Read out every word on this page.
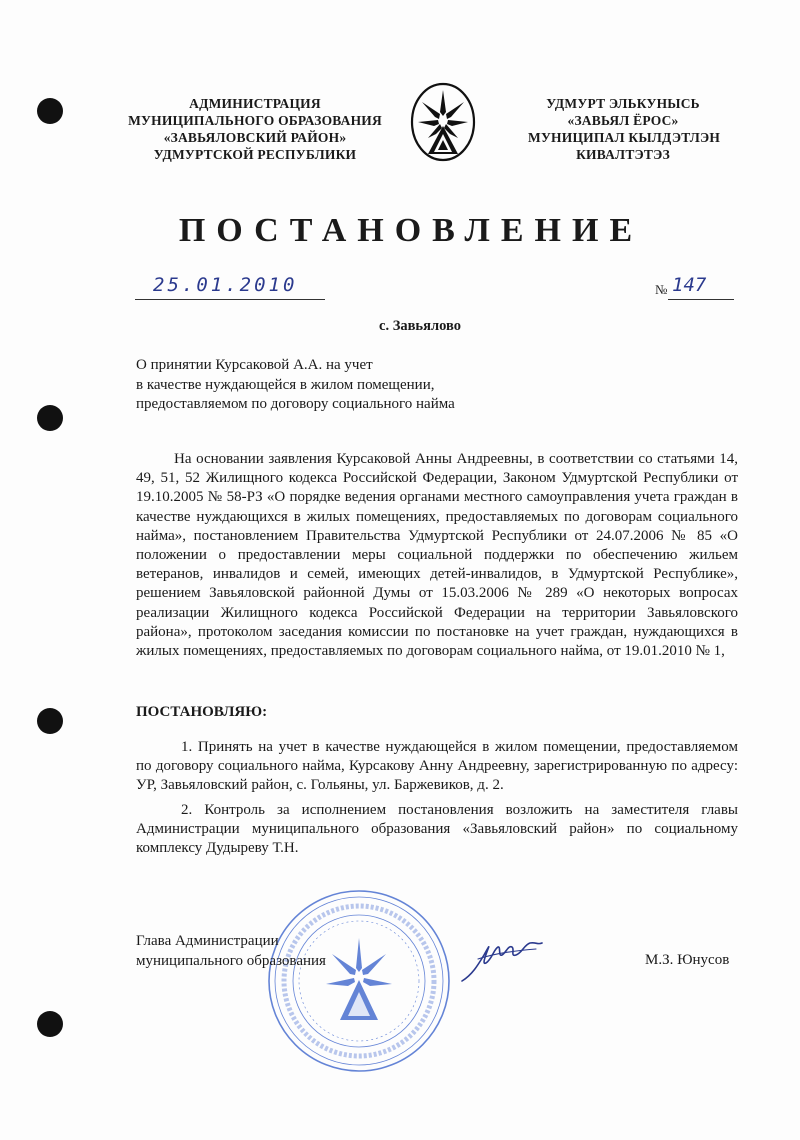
АДМИНИСТРАЦИЯ
МУНИЦИПАЛЬНОГО ОБРАЗОВАНИЯ
«ЗАВЬЯЛОВСКИЙ РАЙОН»
УДМУРТСКОЙ РЕСПУБЛИКИ
УДМУРТ ЭЛЬКУНЫСЬ
«ЗАВЬЯЛ ЁРОС»
МУНИЦИПАЛ КЫЛДЭТЛЭН
КИВАЛТЭТЭЗ
ПОСТАНОВЛЕНИЕ
25.01.2010	№ 147
с. Завьялово
О принятии Курсаковой А.А. на учет
в качестве нуждающейся в жилом помещении,
предоставляемом по договору социального найма

На основании заявления Курсаковой Анны Андреевны, в соответствии со статьями 14, 49, 51, 52 Жилищного кодекса Российской Федерации, Законом Удмуртской Республики от 19.10.2005 № 58-РЗ «О порядке ведения органами местного самоуправления учета граждан в качестве нуждающихся в жилых помещениях, предоставляемых по договорам социального найма», постановлением Правительства Удмуртской Республики от 24.07.2006 № 85 «О положении о предоставлении меры социальной поддержки по обеспечению жильем ветеранов, инвалидов и семей, имеющих детей-инвалидов, в Удмуртской Республике», решением Завьяловской районной Думы от 15.03.2006 № 289 «О некоторых вопросах реализации Жилищного кодекса Российской Федерации на территории Завьяловского района», протоколом заседания комиссии по постановке на учет граждан, нуждающихся в жилых помещениях, предоставляемых по договорам социального найма, от 19.01.2010 № 1,

ПОСТАНОВЛЯЮ:

1. Принять на учет в качестве нуждающейся в жилом помещении, предоставляемом по договору социального найма, Курсакову Анну Андреевну, зарегистрированную по адресу: УР, Завьяловский район, с. Гольяны, ул. Баржевиков, д. 2.

2. Контроль за исполнением постановления возложить на заместителя главы Администрации муниципального образования «Завьяловский район» по социальному комплексу Дудыреву Т.Н.

Глава Администрации
муниципального образования	М.З. Юнусов
